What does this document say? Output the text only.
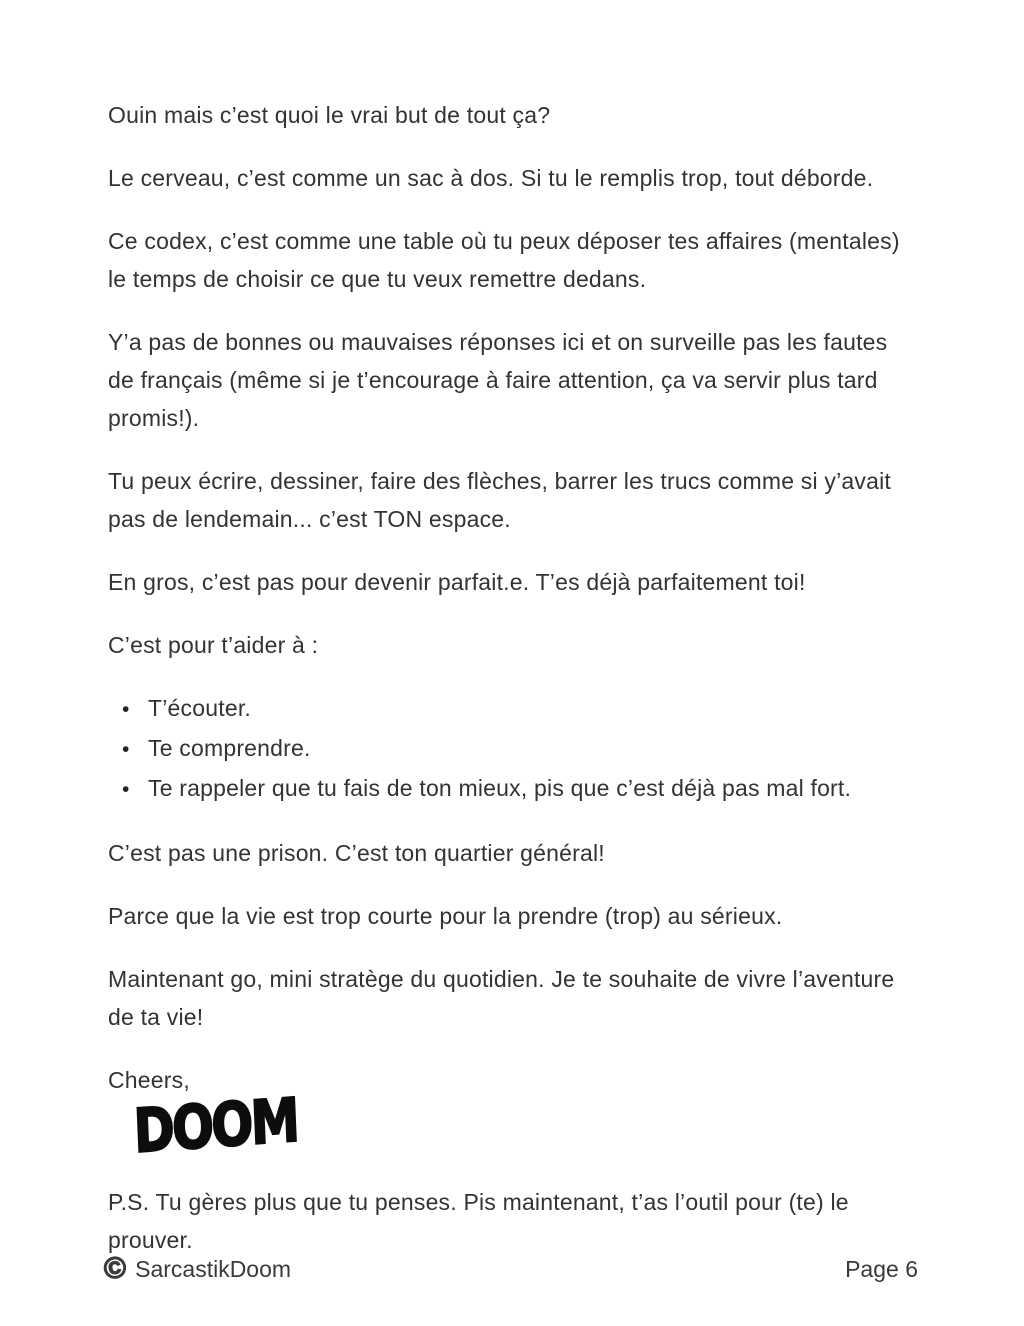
Ouin mais c’est quoi le vrai but de tout ça?

Le cerveau, c’est comme un sac à dos. Si tu le remplis trop, tout déborde.

Ce codex, c’est comme une table où tu peux déposer tes affaires (mentales) le temps de choisir ce que tu veux remettre dedans.

Y’a pas de bonnes ou mauvaises réponses ici et on surveille pas les fautes de français (même si je t’encourage à faire attention, ça va servir plus tard promis!).

Tu peux écrire, dessiner, faire des flèches, barrer les trucs comme si y’avait pas de lendemain... c’est TON espace.

En gros, c’est pas pour devenir parfait.e. T’es déjà parfaitement toi!

C’est pour t’aider à :

• T’écouter.
• Te comprendre.
• Te rappeler que tu fais de ton mieux, pis que c’est déjà pas mal fort.

C’est pas une prison. C’est ton quartier général!

Parce que la vie est trop courte pour la prendre (trop) au sérieux.

Maintenant go, mini stratège du quotidien. Je te souhaite de vivre l’aventure de ta vie!

Cheers,

DOOM

P.S. Tu gères plus que tu penses. Pis maintenant, t’as l’outil pour (te) le prouver.

© SarcastikDoom	Page 6
